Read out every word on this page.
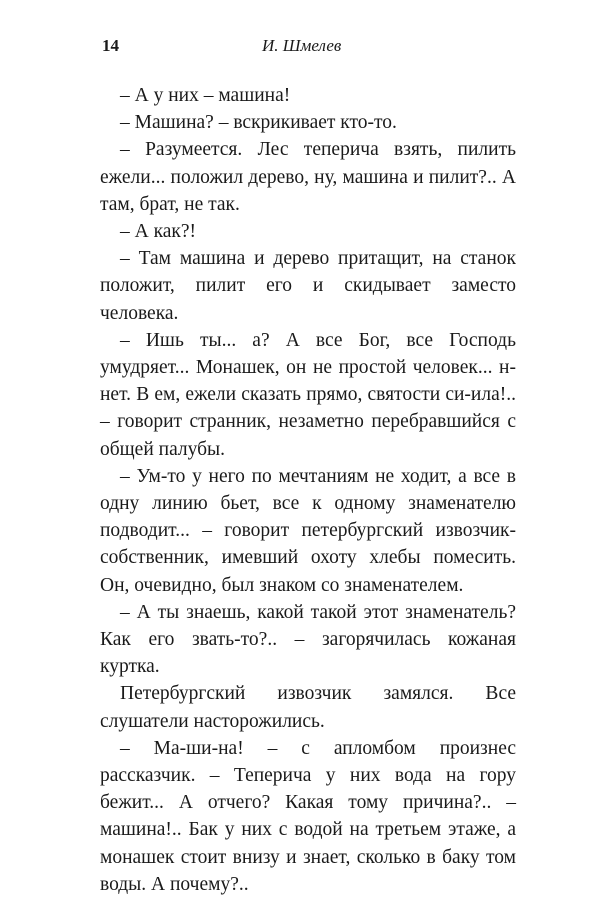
14	И. Шмелев

– А у них – машина!

– Машина? – вскрикивает кто-то.

– Разумеется. Лес теперича взять, пилить ежели... положил дерево, ну, машина и пилит?.. А там, брат, не так.

– А как?!

– Там машина и дерево притащит, на станок положит, пилит его и скидывает заместо человека.

– Ишь ты... а? А все Бог, все Господь умудряет... Монашек, он не простой человек... н-нет. В ем, ежели сказать прямо, святости си-ила!.. – говорит странник, незаметно перебравшийся с общей палубы.

– Ум-то у него по мечтаниям не ходит, а все в одну линию бьет, все к одному знаменателю подводит... – говорит петербургский извозчик-собственник, имевший охоту хлебы помесить. Он, очевидно, был знаком со знаменателем.

– А ты знаешь, какой такой этот знаменатель? Как его звать-то?.. – загорячилась кожаная куртка.

Петербургский извозчик замялся. Все слушатели насторожились.

– Ма-ши-на! – с апломбом произнес рассказчик. – Теперича у них вода на гору бежит... А отчего? Какая тому причина?.. – машина!.. Бак у них с водой на третьем этаже, а монашек стоит внизу и знает, сколько в баку том воды. А почему?..
